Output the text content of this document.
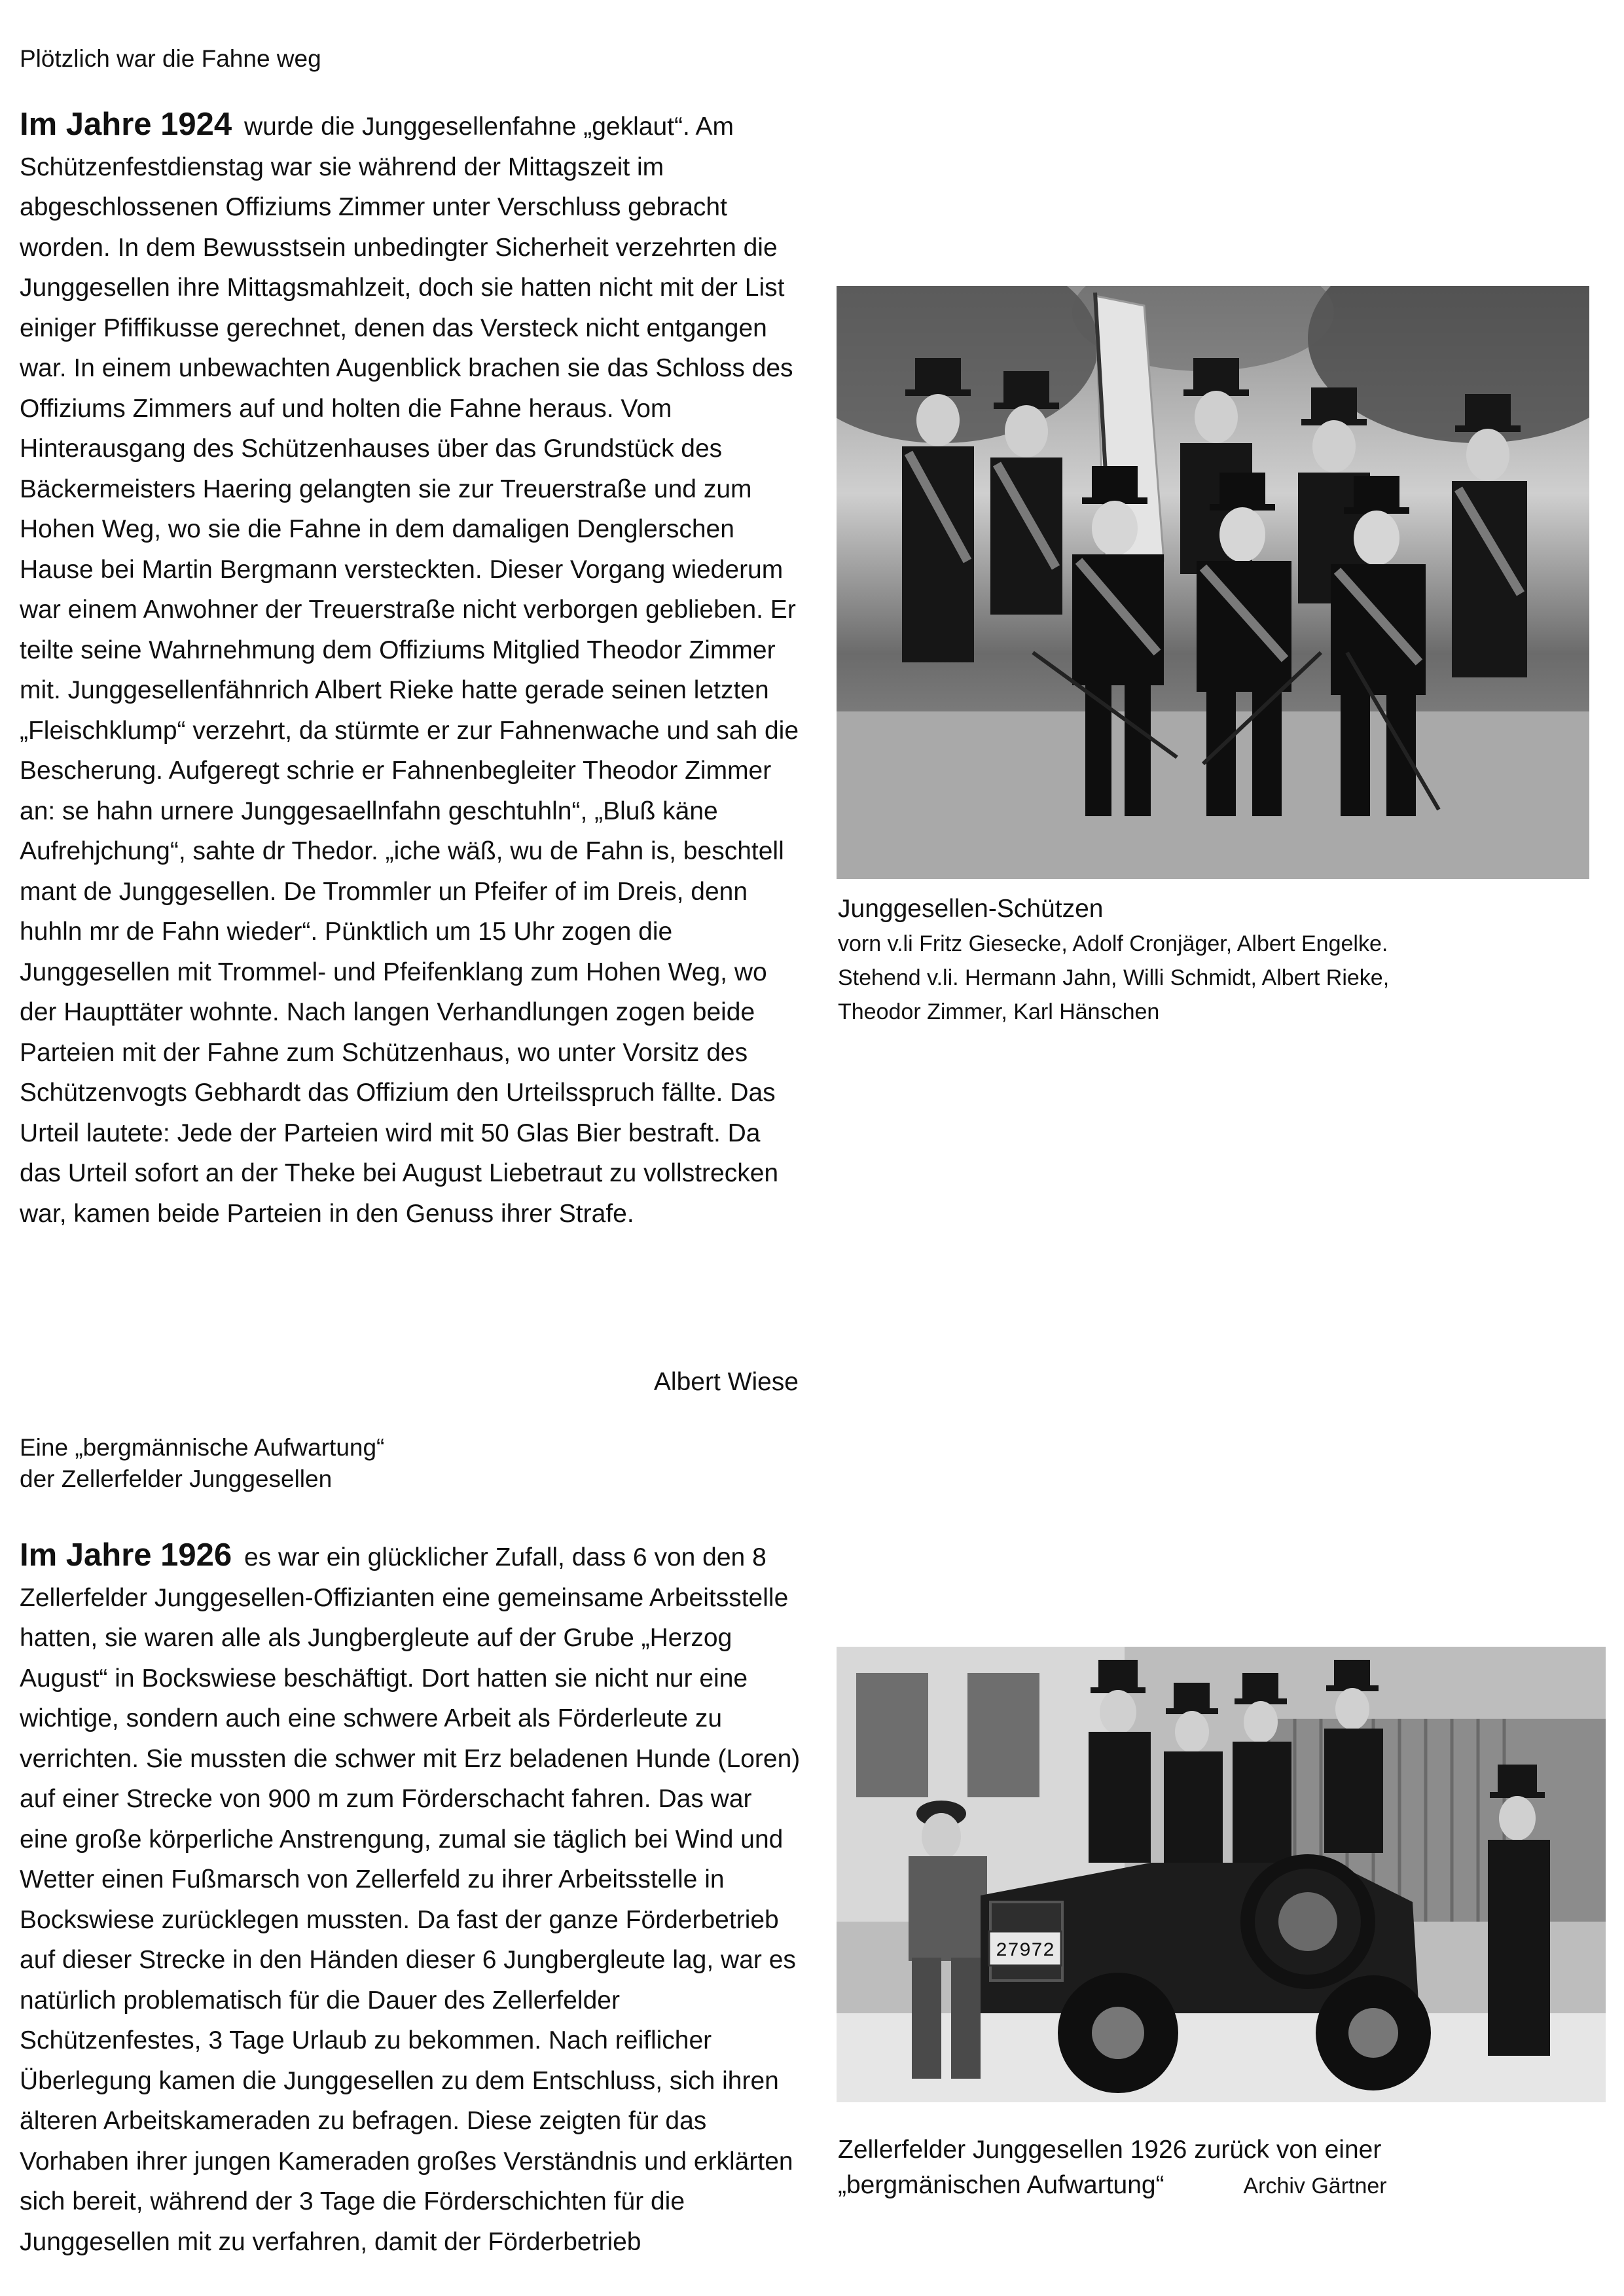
Plötzlich war die Fahne weg
Im Jahre 1924 wurde die Junggesellenfahne „geklaut“. Am Schützenfestdienstag war sie während der Mittagszeit im abgeschlossenen Offiziums Zimmer unter Verschluss gebracht worden. In dem Bewusstsein unbedingter Sicherheit verzehrten die Junggesellen ihre Mittagsmahlzeit, doch sie hatten nicht mit der List einiger Pfiffikusse gerechnet, denen das Versteck nicht entgangen war. In einem unbewachten Augenblick brachen sie das Schloss des Offiziums Zimmers auf und holten die Fahne heraus. Vom Hinterausgang des Schützenhauses über das Grundstück des Bäckermeisters Haering gelangten sie zur Treuerstraße und zum Hohen Weg, wo sie die Fahne in dem damaligen Denglerschen Hause bei Martin Bergmann versteckten. Dieser Vorgang wiederum war einem Anwohner der Treuerstraße nicht verborgen geblieben. Er teilte seine Wahrnehmung dem Offiziums Mitglied Theodor Zimmer mit. Junggesellenfähnrich Albert Rieke hatte gerade seinen letzten „Fleischklump“ verzehrt, da stürmte er zur Fahnenwache und sah die Bescherung. Aufgeregt schrie er Fahnenbegleiter Theodor Zimmer an: se hahn urnere Junggesaellnfahn geschtuhln“, „Bluß käne Aufrehjchung“, sahte dr Thedor. „iche wäß, wu de Fahn is, beschtell mant de Junggesellen. De Trommler un Pfeifer of im Dreis, denn huhln mr de Fahn wieder“. Pünktlich um 15 Uhr zogen die Junggesellen mit Trommel- und Pfeifenklang zum Hohen Weg, wo der Haupttäter wohnte. Nach langen Verhandlungen zogen beide Parteien mit der Fahne zum Schützenhaus, wo unter Vorsitz des Schützenvogts Gebhardt das Offizium den Urteilsspruch fällte. Das Urteil lautete: Jede der Parteien wird mit 50 Glas Bier bestraft. Da das Urteil sofort an der Theke bei August Liebetraut zu vollstrecken war, kamen beide Parteien in den Genuss ihrer Strafe.
Albert Wiese
Junggesellen-Schützen
vorn v.li Fritz Giesecke, Adolf Cronjäger, Albert Engelke.
Stehend v.li. Hermann Jahn, Willi Schmidt, Albert Rieke,
Theodor Zimmer, Karl Hänschen
Eine „bergmännische Aufwartung“
der Zellerfelder Junggesellen
Im Jahre 1926 es war ein glücklicher Zufall, dass 6 von den 8 Zellerfelder Junggesellen-Offizianten eine gemeinsame Arbeitsstelle hatten, sie waren alle als Jungbergleute auf der Grube „Herzog August“ in Bockswiese beschäftigt. Dort hatten sie nicht nur eine wichtige, sondern auch eine schwere Arbeit als Förderleute zu verrichten. Sie mussten die schwer mit Erz beladenen Hunde (Loren) auf einer Strecke von 900 m zum Förderschacht fahren. Das war eine große körperliche Anstrengung, zumal sie täglich bei Wind und Wetter einen Fußmarsch von Zellerfeld zu ihrer Arbeitsstelle in Bockswiese zurücklegen mussten. Da fast der ganze Förderbetrieb auf dieser Strecke in den Händen dieser 6 Jungbergleute lag, war es natürlich problematisch für die Dauer des Zellerfelder Schützenfestes, 3 Tage Urlaub zu bekommen. Nach reiflicher Überlegung kamen die Junggesellen zu dem Entschluss, sich ihren älteren Arbeitskameraden zu befragen. Diese zeigten für das Vorhaben ihrer jungen Kameraden großes Verständnis und erklärten sich bereit, während der 3 Tage die Förderschichten für die Junggesellen mit zu verfahren, damit der Förderbetrieb
27972
Zellerfelder Junggesellen 1926 zurück von einer
„bergmänischen Aufwartung“	Archiv Gärtner
